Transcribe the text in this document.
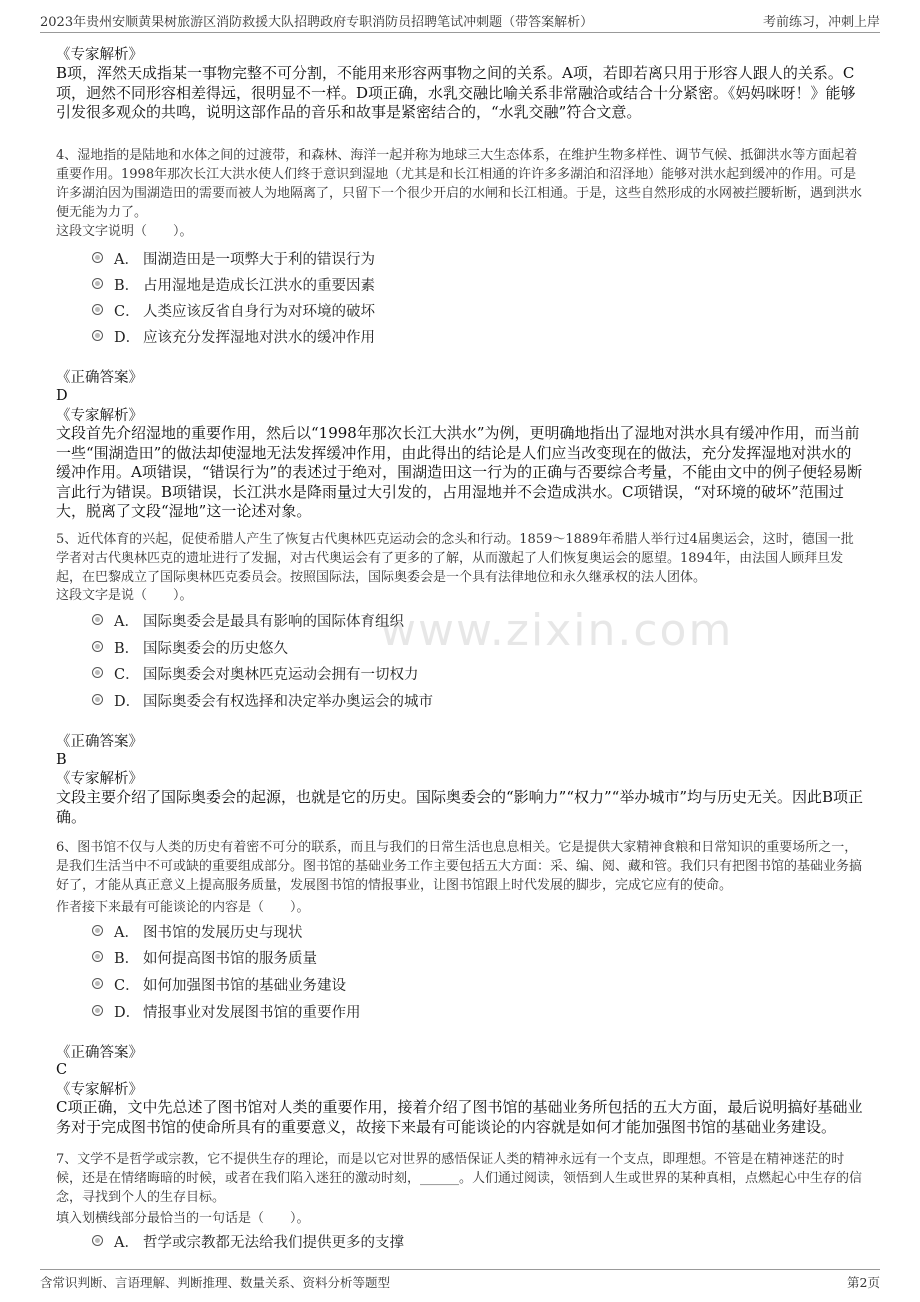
2023年贵州安顺黄果树旅游区消防救援大队招聘政府专职消防员招聘笔试冲刺题（带答案解析）	考前练习，冲刺上岸
www.zixin.com
《专家解析》
B项，浑然天成指某一事物完整不可分割，不能用来形容两事物之间的关系。A项，若即若离只用于形容人跟人的关系。C项，迥然不同形容相差得远，很明显不一样。D项正确，水乳交融比喻关系非常融洽或结合十分紧密。《妈妈咪呀！》能够引发很多观众的共鸣，说明这部作品的音乐和故事是紧密结合的，“水乳交融”符合文意。
4、湿地指的是陆地和水体之间的过渡带，和森林、海洋一起并称为地球三大生态体系，在维护生物多样性、调节气候、抵御洪水等方面起着重要作用。1998年那次长江大洪水使人们终于意识到湿地（尤其是和长江相通的许许多多湖泊和沼泽地）能够对洪水起到缓冲的作用。可是许多湖泊因为围湖造田的需要而被人为地隔离了，只留下一个很少开启的水闸和长江相通。于是，这些自然形成的水网被拦腰斩断，遇到洪水便无能为力了。
这段文字说明（　　）。
A． 围湖造田是一项弊大于利的错误行为
B． 占用湿地是造成长江洪水的重要因素
C． 人类应该反省自身行为对环境的破坏
D． 应该充分发挥湿地对洪水的缓冲作用
《正确答案》
D
《专家解析》
文段首先介绍湿地的重要作用，然后以“1998年那次长江大洪水”为例，更明确地指出了湿地对洪水具有缓冲作用，而当前一些“围湖造田”的做法却使湿地无法发挥缓冲作用，由此得出的结论是人们应当改变现在的做法，充分发挥湿地对洪水的缓冲作用。A项错误，“错误行为”的表述过于绝对，围湖造田这一行为的正确与否要综合考量，不能由文中的例子便轻易断言此行为错误。B项错误，长江洪水是降雨量过大引发的，占用湿地并不会造成洪水。C项错误，“对环境的破坏”范围过大，脱离了文段“湿地”这一论述对象。
5、近代体育的兴起，促使希腊人产生了恢复古代奥林匹克运动会的念头和行动。1859～1889年希腊人举行过4届奥运会，这时，德国一批学者对古代奥林匹克的遗址进行了发掘，对古代奥运会有了更多的了解，从而激起了人们恢复奥运会的愿望。1894年，由法国人顾拜旦发起，在巴黎成立了国际奥林匹克委员会。按照国际法，国际奥委会是一个具有法律地位和永久继承权的法人团体。
这段文字是说（　　）。
A． 国际奥委会是最具有影响的国际体育组织
B． 国际奥委会的历史悠久
C． 国际奥委会对奥林匹克运动会拥有一切权力
D． 国际奥委会有权选择和决定举办奥运会的城市
《正确答案》
B
《专家解析》
文段主要介绍了国际奥委会的起源，也就是它的历史。国际奥委会的“影响力”“权力”“举办城市”均与历史无关。因此B项正确。
6、图书馆不仅与人类的历史有着密不可分的联系，而且与我们的日常生活也息息相关。它是提供大家精神食粮和日常知识的重要场所之一，是我们生活当中不可或缺的重要组成部分。图书馆的基础业务工作主要包括五大方面：采、编、阅、藏和管。我们只有把图书馆的基础业务搞好了，才能从真正意义上提高服务质量，发展图书馆的情报事业，让图书馆跟上时代发展的脚步，完成它应有的使命。
作者接下来最有可能谈论的内容是（　　）。
A． 图书馆的发展历史与现状
B． 如何提高图书馆的服务质量
C． 如何加强图书馆的基础业务建设
D． 情报事业对发展图书馆的重要作用
《正确答案》
C
《专家解析》
C项正确，文中先总述了图书馆对人类的重要作用，接着介绍了图书馆的基础业务所包括的五大方面，最后说明搞好基础业务对于完成图书馆的使命所具有的重要意义，故接下来最有可能谈论的内容就是如何才能加强图书馆的基础业务建设。
7、文学不是哲学或宗教，它不提供生存的理论，而是以它对世界的感悟保证人类的精神永远有一个支点，即理想。不管是在精神迷茫的时候，还是在情绪晦暗的时候，或者在我们陷入迷狂的激动时刻，______。人们通过阅读，领悟到人生或世界的某种真相，点燃起心中生存的信念，寻找到个人的生存目标。
填入划横线部分最恰当的一句话是（　　）。
A． 哲学或宗教都无法给我们提供更多的支撑
含常识判断、言语理解、判断推理、数量关系、资料分析等题型	第2页
